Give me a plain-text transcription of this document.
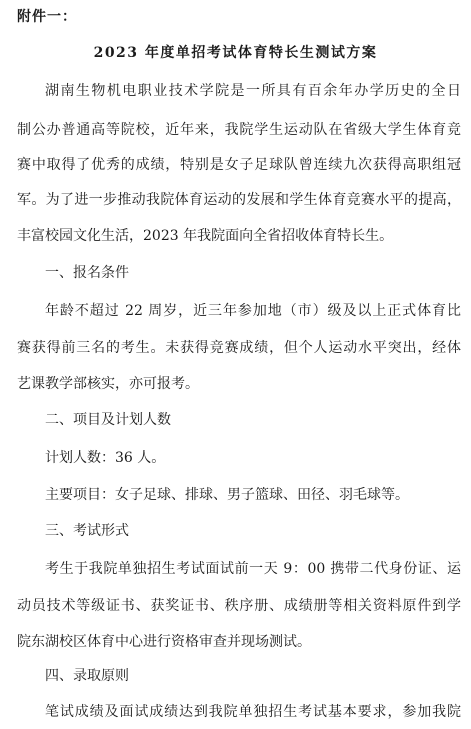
附件一：
2023 年度单招考试体育特长生测试方案
湖南生物机电职业技术学院是一所具有百余年办学历史的全日
制公办普通高等院校，近年来，我院学生运动队在省级大学生体育竞
赛中取得了优秀的成绩，特别是女子足球队曾连续九次获得高职组冠
军。为了进一步推动我院体育运动的发展和学生体育竞赛水平的提高，
丰富校园文化生活，2023 年我院面向全省招收体育特长生。
一、报名条件
年龄不超过 22 周岁，近三年参加地（市）级及以上正式体育比
赛获得前三名的考生。未获得竞赛成绩，但个人运动水平突出，经体
艺课教学部核实，亦可报考。
二、项目及计划人数
计划人数：36 人。
主要项目：女子足球、排球、男子篮球、田径、羽毛球等。
三、考试形式
考生于我院单独招生考试面试前一天 9：00 携带二代身份证、运
动员技术等级证书、获奖证书、秩序册、成绩册等相关资料原件到学
院东湖校区体育中心进行资格审查并现场测试。
四、录取原则
笔试成绩及面试成绩达到我院单独招生考试基本要求，参加我院
